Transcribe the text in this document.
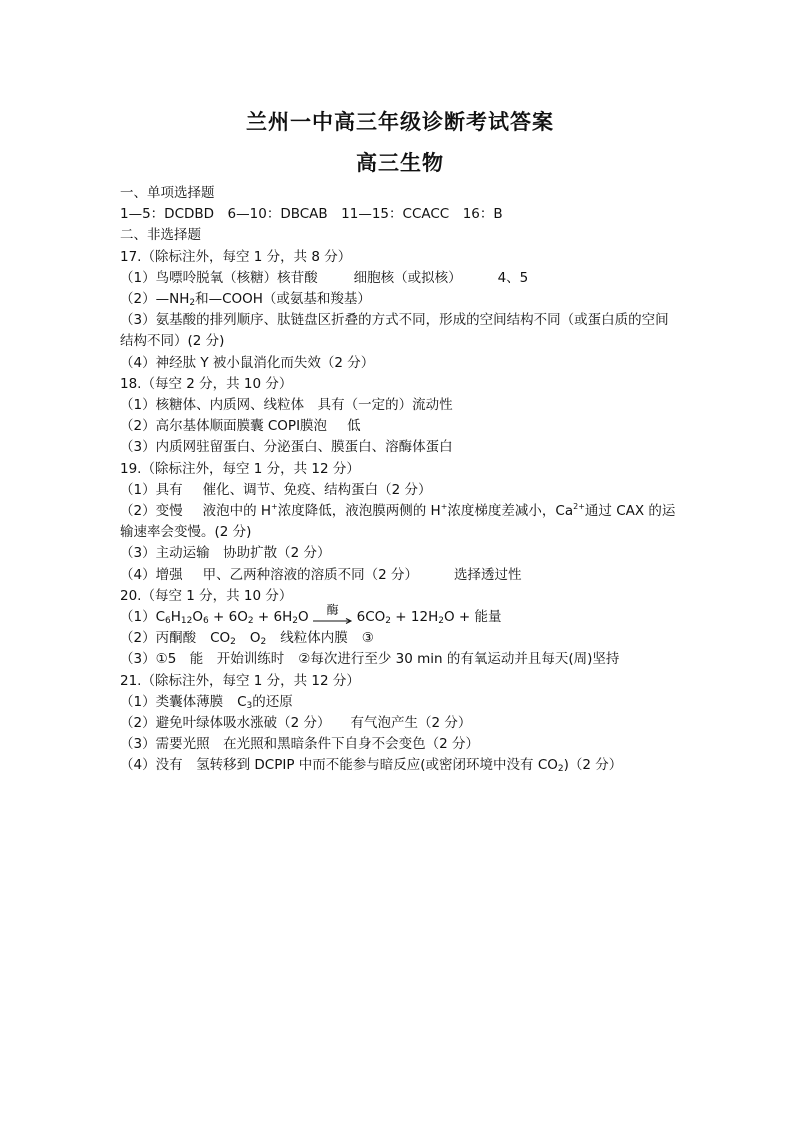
兰州一中高三年级诊断考试答案
高三生物
一、单项选择题
1—5：DCDBD　6—10：DBCAB　11—15：CCACC　16：B
二、非选择题
17.（除标注外，每空 1 分，共 8 分）
（1）鸟嘌呤脱氧（核糖）核苷酸	细胞核（或拟核）	4、5
$(2)—NH_2$和—COOH（或氨基和羧基）
（3）氨基酸的排列顺序、肽链盘区折叠的方式不同，形成的空间结构不同（或蛋白质的空间结构不同）(2 分)
（4）神经肽 Y 被小鼠消化而失效（2 分）
18.（每空 2 分，共 10 分）
（1）核糖体、内质网、线粒体　具有（一定的）流动性
（2）高尔基体顺面膜囊 COPⅠ膜泡 低
（3）内质网驻留蛋白、分泌蛋白、膜蛋白、溶酶体蛋白
19.（除标注外，每空 1 分，共 12 分）
（1）具有 催化、调节、免疫、结构蛋白（2 分）
（2）变慢 液泡中的 H+浓度降低，液泡膜两侧的 H+浓度梯度差减小，$Ca^{2+}$通过 CAX 的运输速率会变慢。(2 分)
（3）主动运输　协助扩散（2 分）
（4）增强 甲、乙两种溶液的溶质不同（2 分）	选择透过性
20.（每空 1 分，共 10 分）
$(1)C_6H_{12}O_6 + 6O_2 + 6H_2O$	酶	$6CO_2 + 12H_2O$ + 能量
（2）丙酮酸 $CO_2$ $O_2$ 线粒体内膜 ③
（3）①5　能　开始训练时 ②每次进行至少 30 min 的有氧运动并且每天(周)坚持
21.（除标注外，每空 1 分，共 12 分）
（1）类囊体薄膜 $C_3$的还原
（2）避免叶绿体吸水涨破（2 分） 有气泡产生（2 分）
（3）需要光照　在光照和黑暗条件下自身不会变色（2 分）
（4）没有　氢转移到 DCPIP 中而不能参与暗反应(或密闭环境中没有 $CO_2)(2$ 分）
